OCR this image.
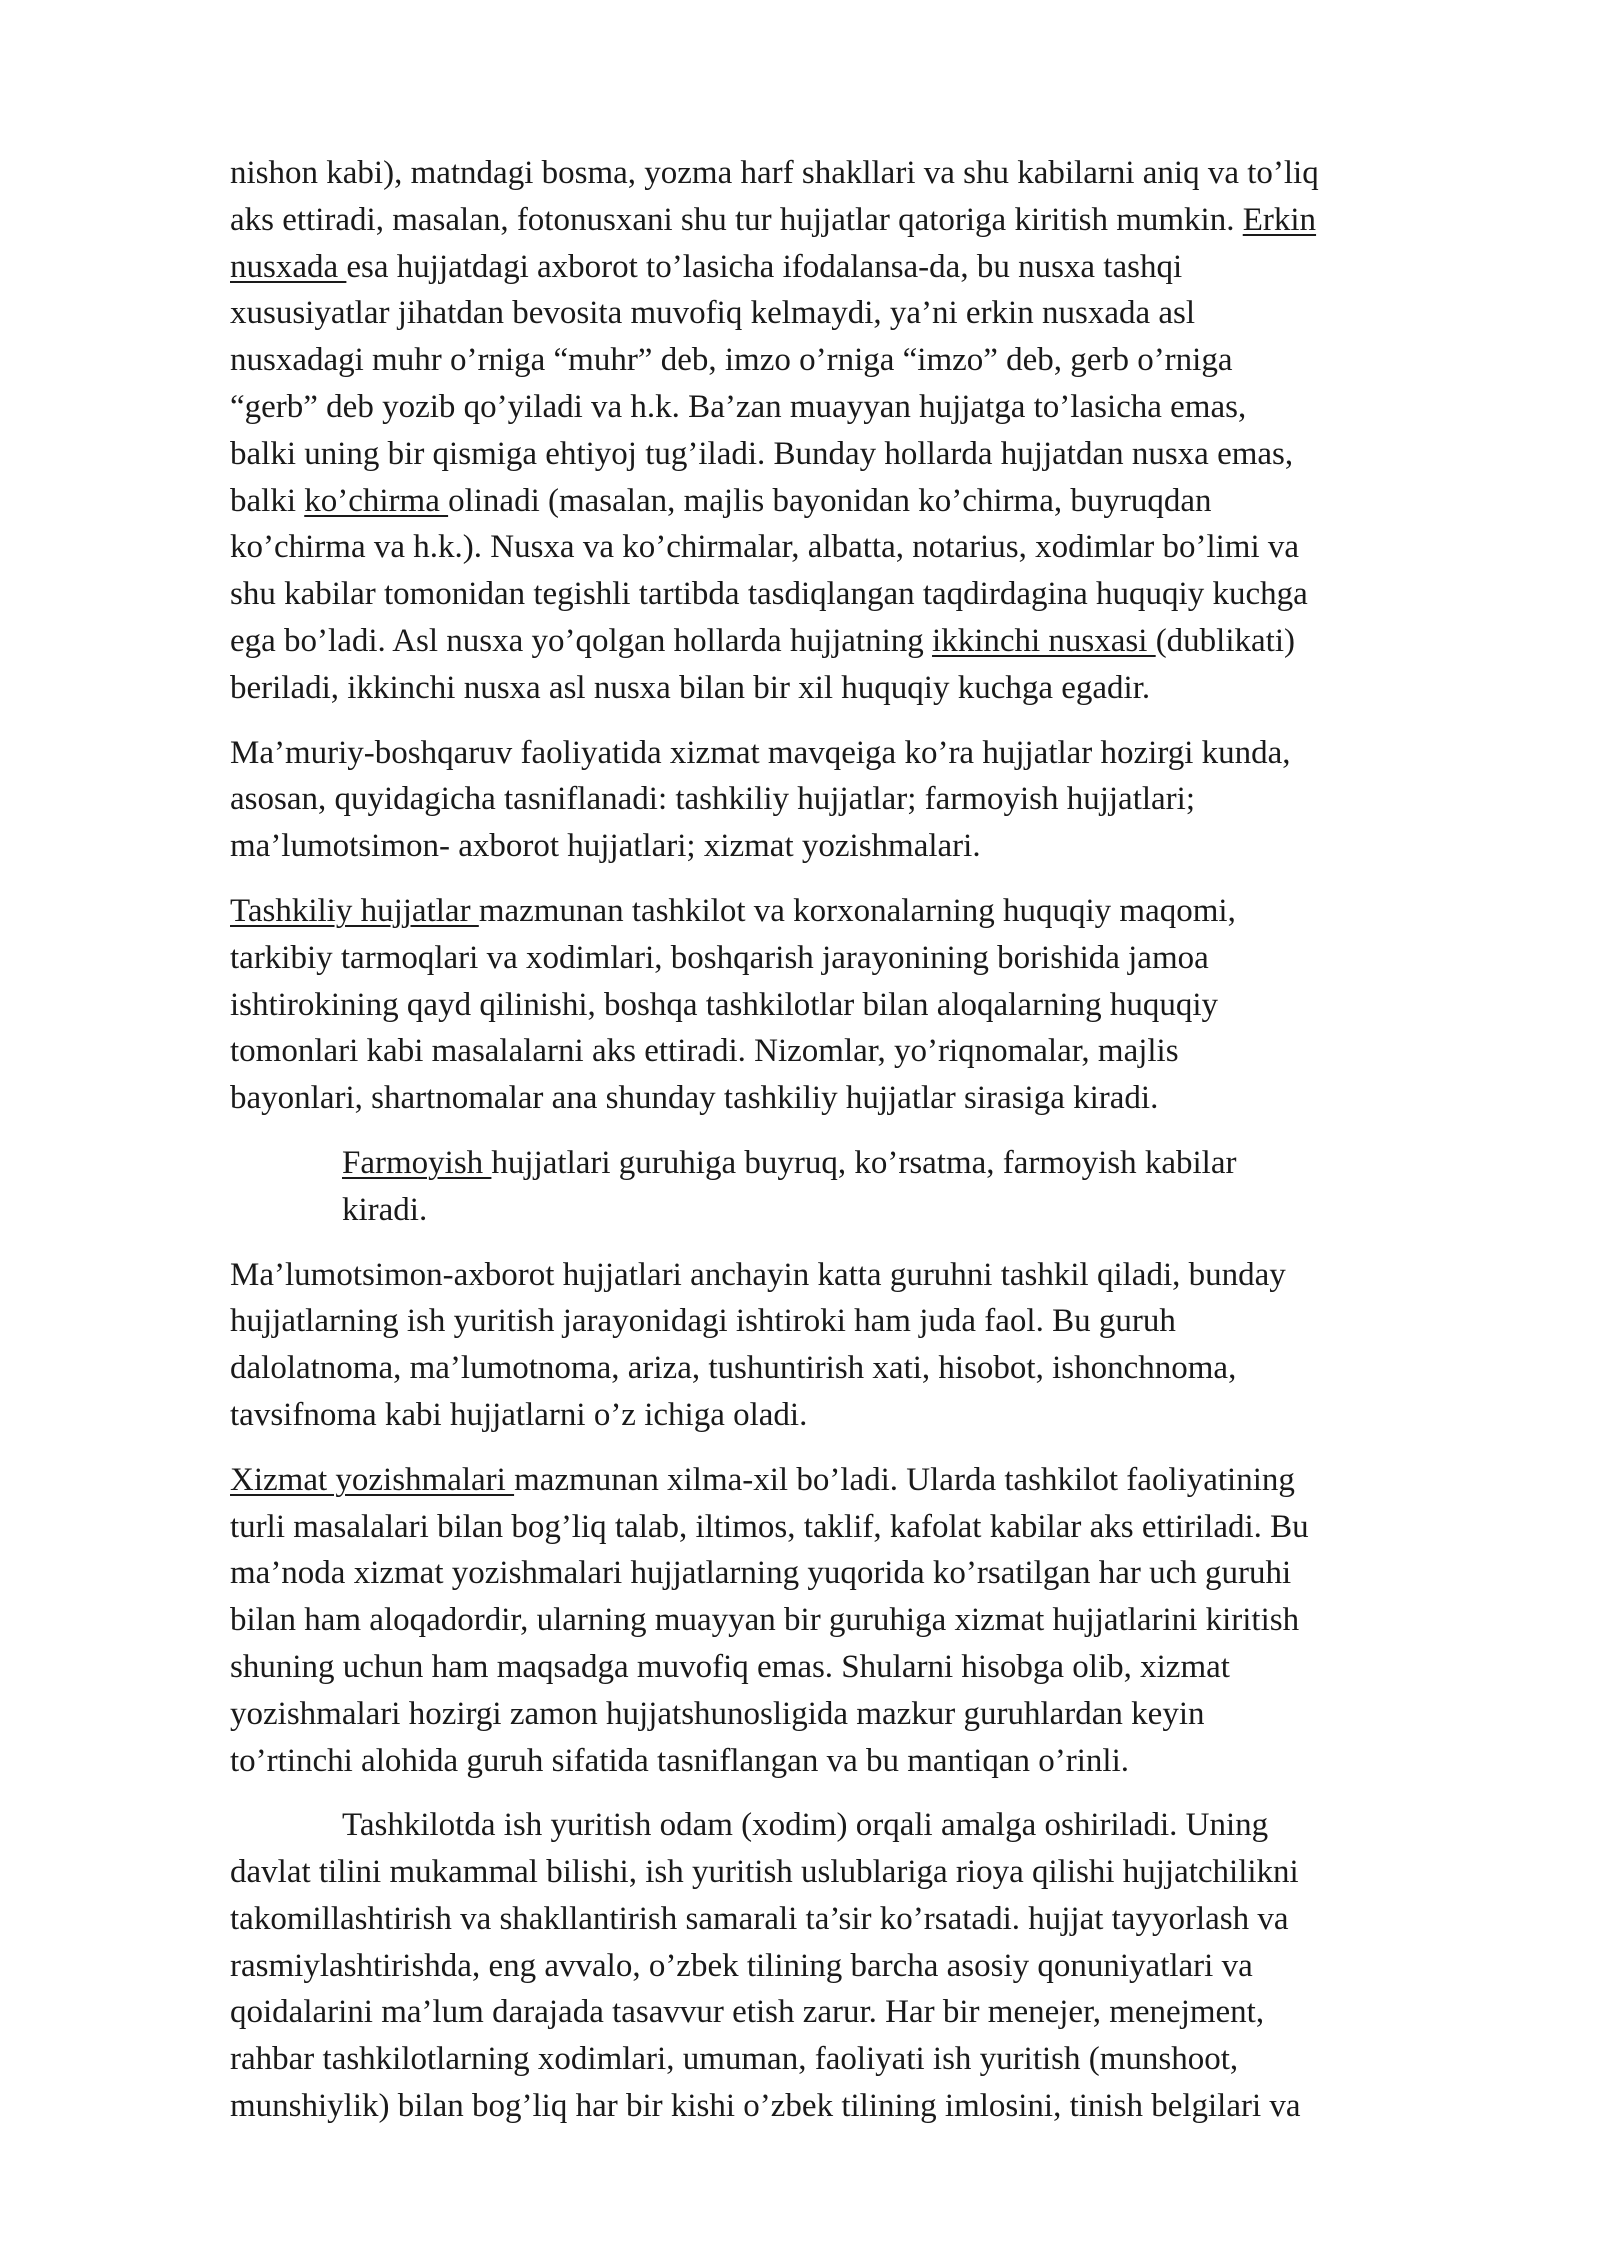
nishon kabi), matndagi bosma, yozma harf shakllari va shu kabilarni aniq va to’liq
aks ettiradi, masalan, fotonusxani shu tur hujjatlar qatoriga kiritish mumkin. Erkin
nusxada esa hujjatdagi axborot to’lasicha ifodalansa-da, bu nusxa tashqi
xususiyatlar jihatdan bevosita muvofiq kelmaydi, ya’ni erkin nusxada asl
nusxadagi muhr o’rniga “muhr” deb, imzo o’rniga “imzo” deb, gerb o’rniga
“gerb” deb yozib qo’yiladi va h.k. Ba’zan muayyan hujjatga to’lasicha emas,
balki uning bir qismiga ehtiyoj tug’iladi. Bunday hollarda hujjatdan nusxa emas,
balki ko’chirma olinadi (masalan, majlis bayonidan ko’chirma, buyruqdan
ko’chirma va h.k.). Nusxa va ko’chirmalar, albatta, notarius, xodimlar bo’limi va
shu kabilar tomonidan tegishli tartibda tasdiqlangan taqdirdagina huquqiy kuchga
ega bo’ladi. Asl nusxa yo’qolgan hollarda hujjatning ikkinchi nusxasi (dublikati)
beriladi, ikkinchi nusxa asl nusxa bilan bir xil huquqiy kuchga egadir.
Ma’muriy-boshqaruv faoliyatida xizmat mavqeiga ko’ra hujjatlar hozirgi kunda,
asosan, quyidagicha tasniflanadi: tashkiliy hujjatlar; farmoyish hujjatlari;
ma’lumotsimon- axborot hujjatlari; xizmat yozishmalari.
Tashkiliy hujjatlar mazmunan tashkilot va korxonalarning huquqiy maqomi,
tarkibiy tarmoqlari va xodimlari, boshqarish jarayonining borishida jamoa
ishtirokining qayd qilinishi, boshqa tashkilotlar bilan aloqalarning huquqiy
tomonlari kabi masalalarni aks ettiradi. Nizomlar, yo’riqnomalar, majlis
bayonlari, shartnomalar ana shunday tashkiliy hujjatlar sirasiga kiradi.
Farmoyish hujjatlari guruhiga buyruq, ko’rsatma, farmoyish kabilar
kiradi.
Ma’lumotsimon-axborot hujjatlari anchayin katta guruhni tashkil qiladi, bunday
hujjatlarning ish yuritish jarayonidagi ishtiroki ham juda faol. Bu guruh
dalolatnoma, ma’lumotnoma, ariza, tushuntirish xati, hisobot, ishonchnoma,
tavsifnoma kabi hujjatlarni o’z ichiga oladi.
Xizmat yozishmalari mazmunan xilma-xil bo’ladi. Ularda tashkilot faoliyatining
turli masalalari bilan bog’liq talab, iltimos, taklif, kafolat kabilar aks ettiriladi. Bu
ma’noda xizmat yozishmalari hujjatlarning yuqorida ko’rsatilgan har uch guruhi
bilan ham aloqadordir, ularning muayyan bir guruhiga xizmat hujjatlarini kiritish
shuning uchun ham maqsadga muvofiq emas. Shularni hisobga olib, xizmat
yozishmalari hozirgi zamon hujjatshunosligida mazkur guruhlardan keyin
to’rtinchi alohida guruh sifatida tasniflangan va bu mantiqan o’rinli.
Tashkilotda ish yuritish odam (xodim) orqali amalga oshiriladi. Uning
davlat tilini mukammal bilishi, ish yuritish uslublariga rioya qilishi hujjatchilikni
takomillashtirish va shakllantirish samarali ta’sir ko’rsatadi. hujjat tayyorlash va
rasmiylashtirishda, eng avvalo, o’zbek tilining barcha asosiy qonuniyatlari va
qoidalarini ma’lum darajada tasavvur etish zarur. Har bir menejer, menejment,
rahbar tashkilotlarning xodimlari, umuman, faoliyati ish yuritish (munshoot,
munshiylik) bilan bog’liq har bir kishi o’zbek tilining imlosini, tinish belgilari va
